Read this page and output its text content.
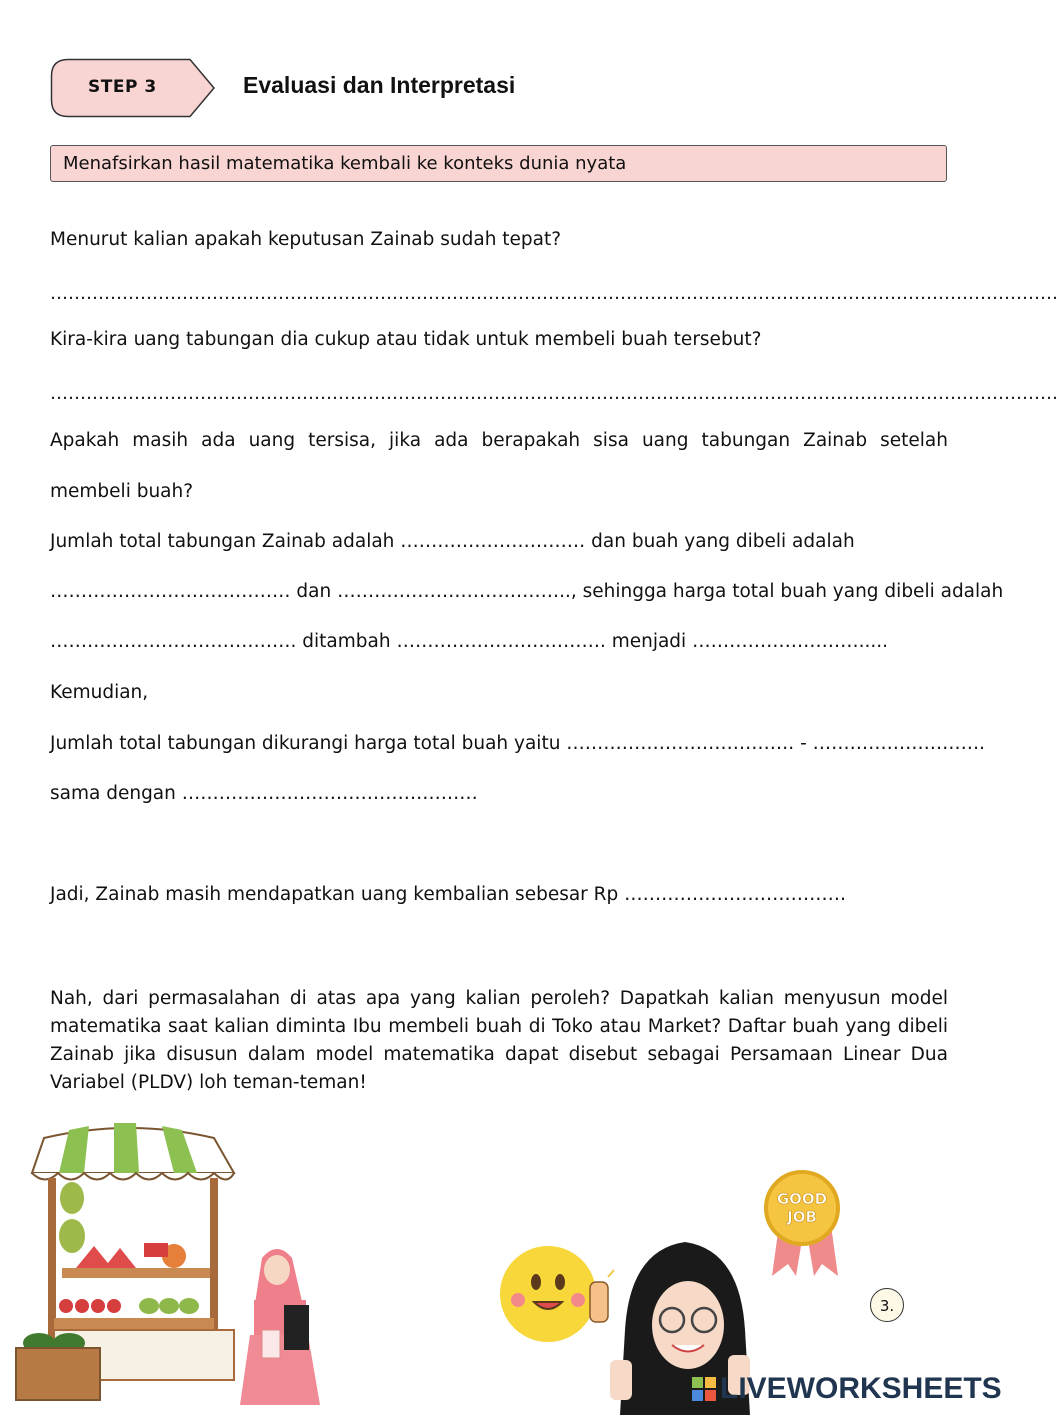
STEP 3	Evaluasi dan Interpretasi
Menafsirkan hasil matematika kembali ke konteks dunia nyata
Menurut kalian apakah keputusan Zainab sudah tepat?
……………………………………………………………………………………………………………………………………………………
Kira-kira uang tabungan dia cukup atau tidak untuk membeli buah tersebut?
……………………………………………………………………………………………………………………………………………………
Apakah masih ada uang tersisa, jika ada berapakah sisa uang tabungan Zainab setelah
membeli buah?
Jumlah total tabungan Zainab adalah ………………………… dan buah yang dibeli adalah
………………………………… dan ……………………………….., sehingga harga total buah yang dibeli adalah
…………………………………. ditambah ……………………………. menjadi ……………………….....
Kemudian,
Jumlah total tabungan dikurangi harga total buah yaitu ………………………………. - ……………………….
sama dengan …………………………………………
Jadi, Zainab masih mendapatkan uang kembalian sebesar Rp ………………………………
Nah, dari permasalahan di atas apa yang kalian peroleh? Dapatkah kalian menyusun model matematika saat kalian diminta Ibu membeli buah di Toko atau Market? Daftar buah yang dibeli Zainab jika disusun dalam model matematika dapat disebut sebagai Persamaan Linear Dua Variabel (PLDV) loh teman-teman!
GOOD
JOB
3.
LIVEWORKSHEETS
